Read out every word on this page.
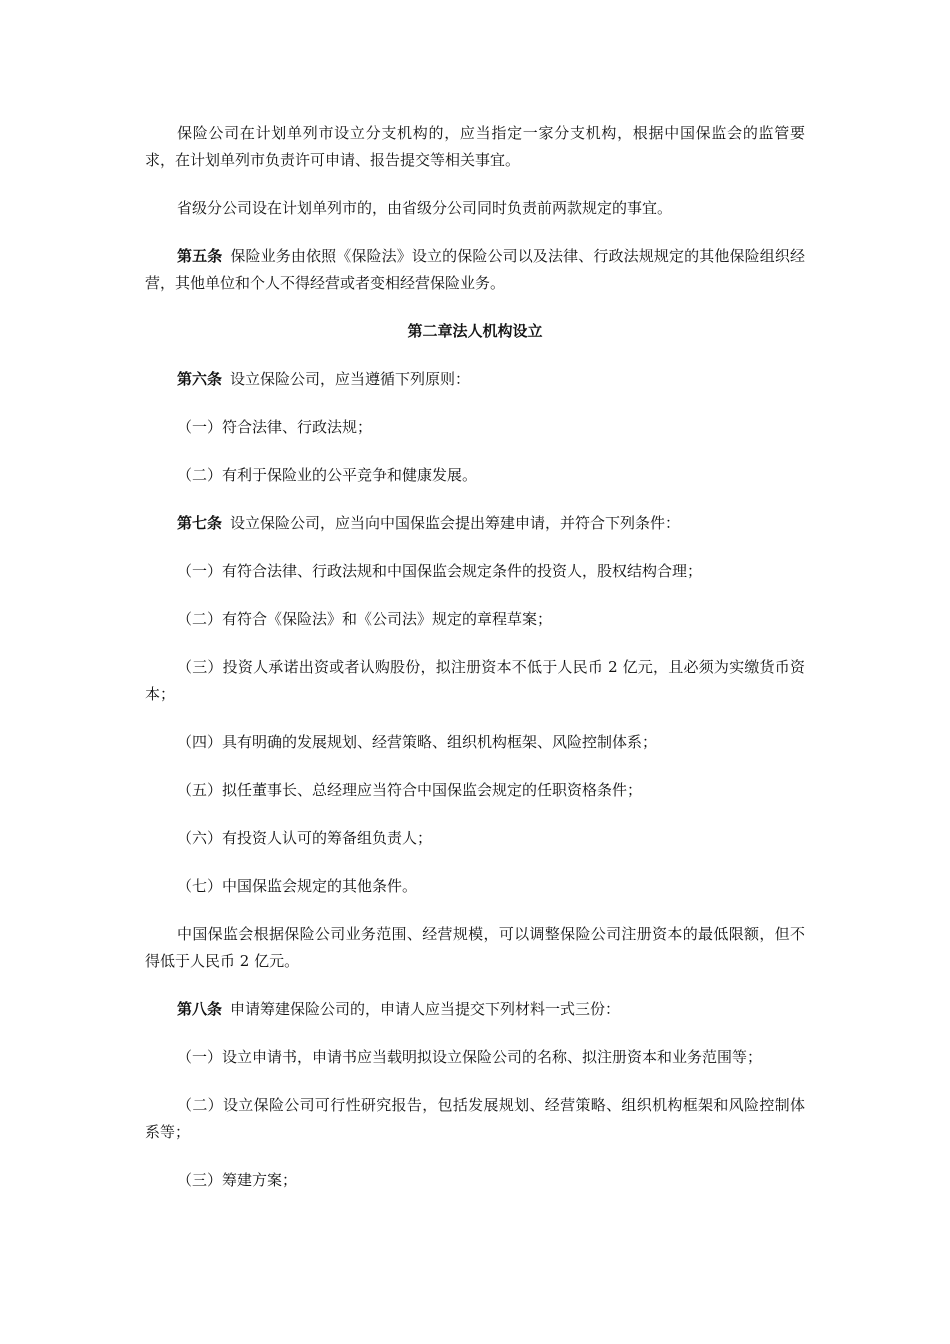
保险公司在计划单列市设立分支机构的，应当指定一家分支机构，根据中国保监会的监管要求，在计划单列市负责许可申请、报告提交等相关事宜。

省级分公司设在计划单列市的，由省级分公司同时负责前两款规定的事宜。

第五条 保险业务由依照《保险法》设立的保险公司以及法律、行政法规规定的其他保险组织经营，其他单位和个人不得经营或者变相经营保险业务。

第二章法人机构设立

第六条 设立保险公司，应当遵循下列原则：

（一）符合法律、行政法规；

（二）有利于保险业的公平竞争和健康发展。

第七条 设立保险公司，应当向中国保监会提出筹建申请，并符合下列条件：

（一）有符合法律、行政法规和中国保监会规定条件的投资人，股权结构合理；

（二）有符合《保险法》和《公司法》规定的章程草案；

（三）投资人承诺出资或者认购股份，拟注册资本不低于人民币 2 亿元，且必须为实缴货币资本；

（四）具有明确的发展规划、经营策略、组织机构框架、风险控制体系；

（五）拟任董事长、总经理应当符合中国保监会规定的任职资格条件；

（六）有投资人认可的筹备组负责人；

（七）中国保监会规定的其他条件。

中国保监会根据保险公司业务范围、经营规模，可以调整保险公司注册资本的最低限额，但不得低于人民币 2 亿元。

第八条 申请筹建保险公司的，申请人应当提交下列材料一式三份：

（一）设立申请书，申请书应当载明拟设立保险公司的名称、拟注册资本和业务范围等；

（二）设立保险公司可行性研究报告，包括发展规划、经营策略、组织机构框架和风险控制体系等；

（三）筹建方案；
